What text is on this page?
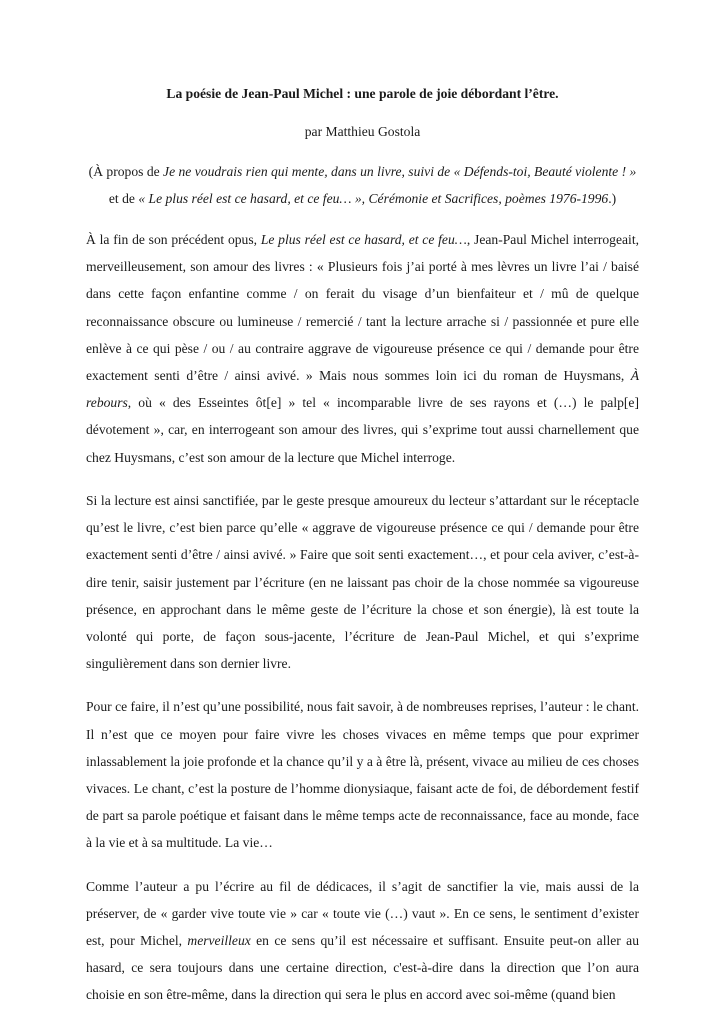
La poésie de Jean-Paul Michel : une parole de joie débordant l’être.

par Matthieu Gostola

(À propos de Je ne voudrais rien qui mente, dans un livre, suivi de « Défends-toi, Beauté violente ! » et de « Le plus réel est ce hasard, et ce feu… », Cérémonie et Sacrifices, poèmes 1976-1996.)

À la fin de son précédent opus, Le plus réel est ce hasard, et ce feu…, Jean-Paul Michel interrogeait, merveilleusement, son amour des livres : « Plusieurs fois j’ai porté à mes lèvres un livre l’ai / baisé dans cette façon enfantine comme / on ferait du visage d’un bienfaiteur et / mû de quelque reconnaissance obscure ou lumineuse / remercié / tant la lecture arrache si / passionnée et pure elle enlève à ce qui pèse / ou / au contraire aggrave de vigoureuse présence ce qui / demande pour être exactement senti d’être / ainsi avivé. » Mais nous sommes loin ici du roman de Huysmans, À rebours, où « des Esseintes ôt[e] » tel « incomparable livre de ses rayons et (…) le palp[e] dévotement », car, en interrogeant son amour des livres, qui s’exprime tout aussi charnellement que chez Huysmans, c’est son amour de la lecture que Michel interroge.

Si la lecture est ainsi sanctifiée, par le geste presque amoureux du lecteur s’attardant sur le réceptacle qu’est le livre, c’est bien parce qu’elle « aggrave de vigoureuse présence ce qui / demande pour être exactement senti d’être / ainsi avivé. » Faire que soit senti exactement…, et pour cela aviver, c’est-à-dire tenir, saisir justement par l’écriture (en ne laissant pas choir de la chose nommée sa vigoureuse présence, en approchant dans le même geste de l’écriture la chose et son énergie), là est toute la volonté qui porte, de façon sous-jacente, l’écriture de Jean-Paul Michel, et qui s’exprime singulièrement dans son dernier livre.

Pour ce faire, il n’est qu’une possibilité, nous fait savoir, à de nombreuses reprises, l’auteur : le chant. Il n’est que ce moyen pour faire vivre les choses vivaces en même temps que pour exprimer inlassablement la joie profonde et la chance qu’il y a à être là, présent, vivace au milieu de ces choses vivaces. Le chant, c’est la posture de l’homme dionysiaque, faisant acte de foi, de débordement festif de part sa parole poétique et faisant dans le même temps acte de reconnaissance, face au monde, face à la vie et à sa multitude. La vie…

Comme l’auteur a pu l’écrire au fil de dédicaces, il s’agit de sanctifier la vie, mais aussi de la préserver, de « garder vive toute vie » car « toute vie (…) vaut ». En ce sens, le sentiment d’exister est, pour Michel, merveilleux en ce sens qu’il est nécessaire et suffisant. Ensuite peut-on aller au hasard, ce sera toujours dans une certaine direction, c'est-à-dire dans la direction que l’on aura choisie en son être-même, dans la direction qui sera le plus en accord avec soi-même (quand bien
